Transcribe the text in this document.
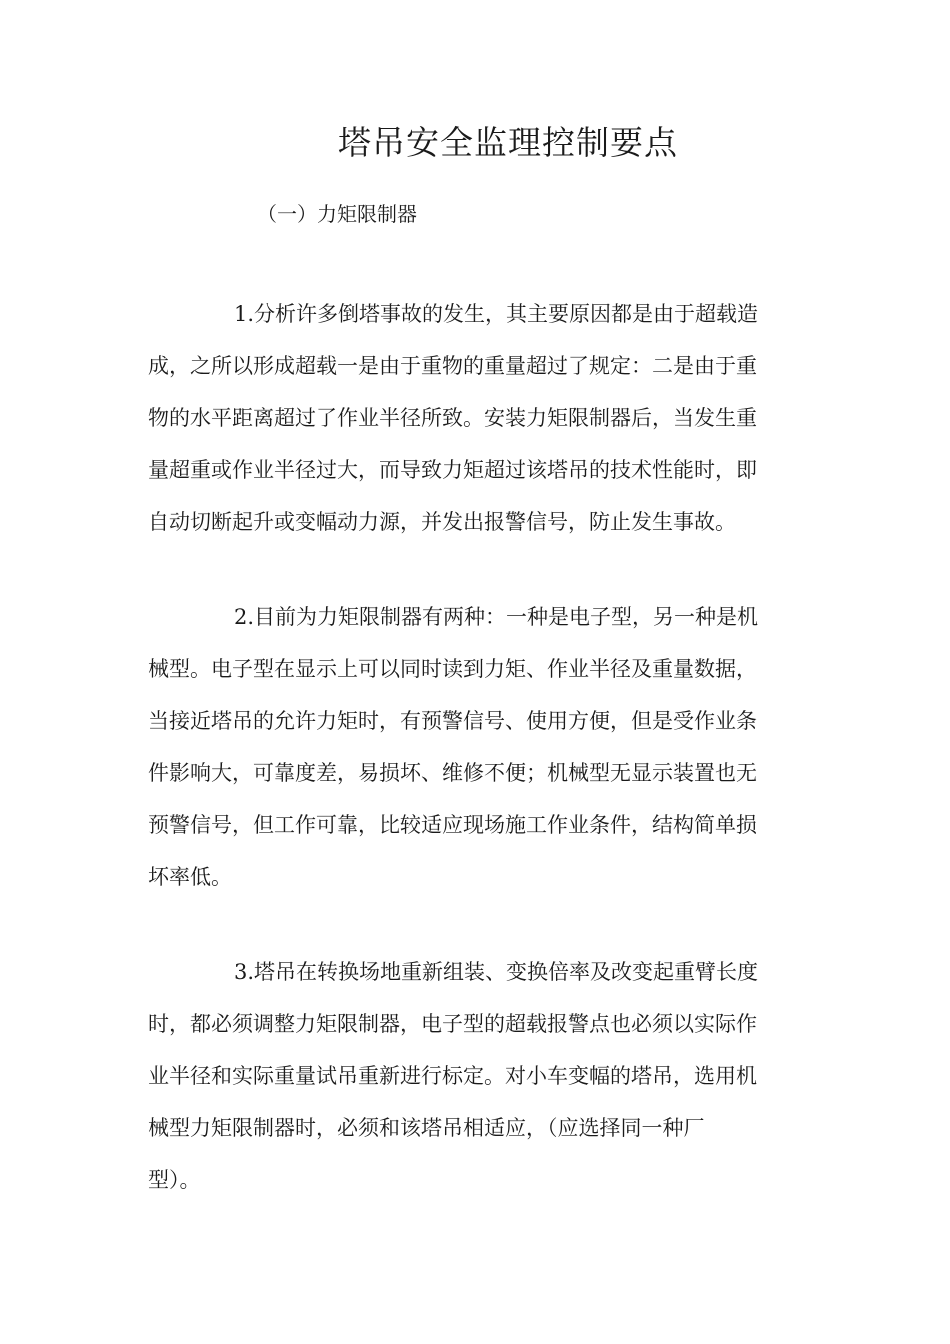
塔吊安全监理控制要点
（一）力矩限制器
1.分析许多倒塔事故的发生，其主要原因都是由于超载造
成，之所以形成超载一是由于重物的重量超过了规定：二是由于重
物的水平距离超过了作业半径所致。安装力矩限制器后，当发生重
量超重或作业半径过大，而导致力矩超过该塔吊的技术性能时，即
自动切断起升或变幅动力源，并发出报警信号，防止发生事故。
2.目前为力矩限制器有两种：一种是电子型，另一种是机
械型。电子型在显示上可以同时读到力矩、作业半径及重量数据，
当接近塔吊的允许力矩时，有预警信号、使用方便，但是受作业条
件影响大，可靠度差，易损坏、维修不便；机械型无显示装置也无
预警信号，但工作可靠，比较适应现场施工作业条件，结构简单损
坏率低。
3.塔吊在转换场地重新组装、变换倍率及改变起重臂长度
时，都必须调整力矩限制器，电子型的超载报警点也必须以实际作
业半径和实际重量试吊重新进行标定。对小车变幅的塔吊，选用机
械型力矩限制器时，必须和该塔吊相适应，（应选择同一种厂
型）。
